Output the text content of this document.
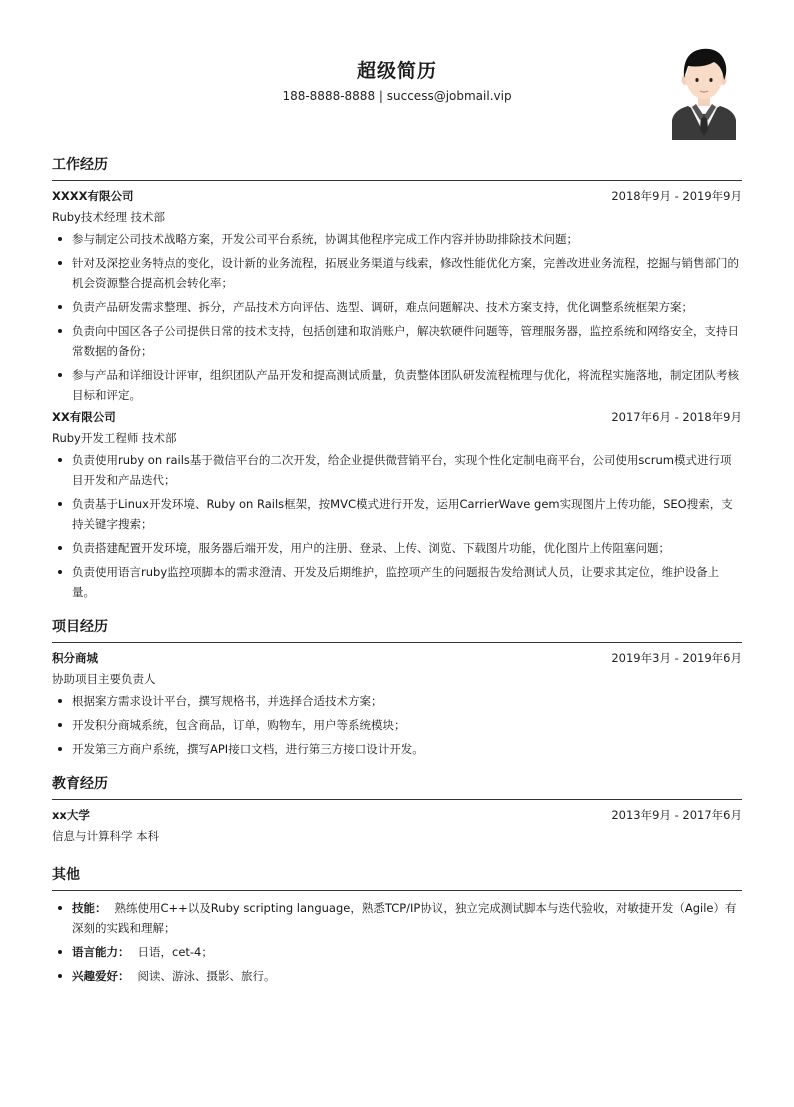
超级简历
188-8888-8888 | success@jobmail.vip
工作经历
XXXX有限公司	2018年9月 - 2019年9月
Ruby技术经理 技术部
参与制定公司技术战略方案，开发公司平台系统，协调其他程序完成工作内容并协助排除技术问题；
针对及深挖业务特点的变化，设计新的业务流程，拓展业务渠道与线索，修改性能优化方案，完善改进业务流程，挖掘与销售部门的机会资源整合提高机会转化率；
负责产品研发需求整理、拆分，产品技术方向评估、选型、调研，难点问题解决、技术方案支持，优化调整系统框架方案；
负责向中国区各子公司提供日常的技术支持，包括创建和取消账户，解决软硬件问题等，管理服务器，监控系统和网络安全，支持日常数据的备份；
参与产品和详细设计评审，组织团队产品开发和提高测试质量，负责整体团队研发流程梳理与优化，将流程实施落地，制定团队考核目标和评定。
XX有限公司	2017年6月 - 2018年9月
Ruby开发工程师 技术部
负责使用ruby on rails基于微信平台的二次开发，给企业提供微营销平台，实现个性化定制电商平台，公司使用scrum模式进行项目开发和产品迭代；
负责基于Linux开发环境、Ruby on Rails框架，按MVC模式进行开发，运用CarrierWave gem实现图片上传功能，SEO搜索，支持关键字搜索；
负责搭建配置开发环境，服务器后端开发，用户的注册、登录、上传、浏览、下载图片功能，优化图片上传阻塞问题；
负责使用语言ruby监控项脚本的需求澄清、开发及后期维护，监控项产生的问题报告发给测试人员，让要求其定位，维护设备上量。
项目经历
积分商城	2019年3月 - 2019年6月
协助项目主要负责人
根据案方需求设计平台，撰写规格书，并选择合适技术方案；
开发积分商城系统，包含商品，订单，购物车，用户等系统模块；
开发第三方商户系统，撰写API接口文档，进行第三方接口设计开发。
教育经历
xx大学	2013年9月 - 2017年6月
信息与计算科学 本科
其他
技能： 熟练使用C++以及Ruby scripting language，熟悉TCP/IP协议，独立完成测试脚本与迭代验收，对敏捷开发（Agile）有深刻的实践和理解；
语言能力： 日语，cet-4；
兴趣爱好： 阅读、游泳、摄影、旅行。
